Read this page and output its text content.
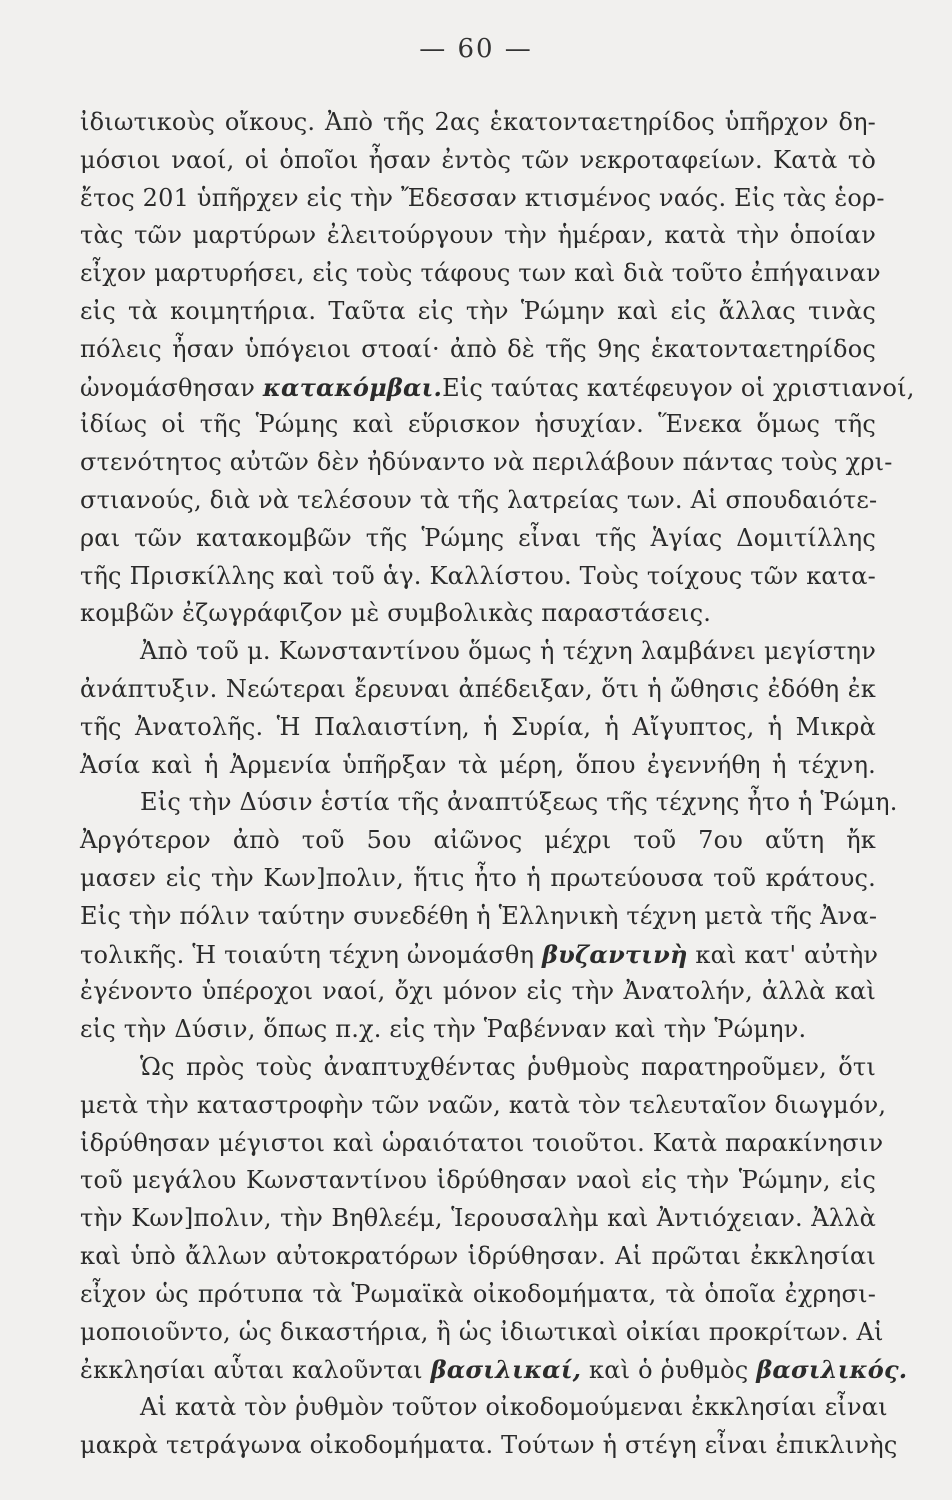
— 60 —
ἰδιωτικοὺς οἴκους. Ἀπὸ τῆς 2ας ἑκατονταετηρίδος ὑπῆρχον δη-
μόσιοι ναοί, οἱ ὁποῖοι ἦσαν ἐντὸς τῶν νεκροταφείων. Κατὰ τὸ
ἔτος 201 ὑπῆρχεν εἰς τὴν Ἔδεσσαν κτισμένος ναός. Εἰς τὰς ἑορ-
τὰς τῶν μαρτύρων ἐλειτούργουν τὴν ἡμέραν, κατὰ τὴν ὁποίαν
εἶχον μαρτυρήσει, εἰς τοὺς τάφους των καὶ διὰ τοῦτο ἐπήγαιναν
εἰς τὰ κοιμητήρια. Ταῦτα εἰς τὴν Ῥώμην καὶ εἰς ἄλλας τινὰς
πόλεις ἦσαν ὑπόγειοι στοαί· ἀπὸ δὲ τῆς 9ης ἑκατονταετηρίδος
ὠνομάσθησαν κατακόμβαι.Εἰς ταύτας κατέφευγον οἱ χριστιανοί,
ἰδίως οἱ τῆς Ῥώμης καὶ εὕρισκον ἡσυχίαν. Ἕνεκα ὅμως τῆς
στενότητος αὐτῶν δὲν ἠδύναντο νὰ περιλάβουν πάντας τοὺς χρι-
στιανούς, διὰ νὰ τελέσουν τὰ τῆς λατρείας των. Αἱ σπουδαιότε-
ραι τῶν κατακομβῶν τῆς Ῥώμης εἶναι τῆς Ἁγίας Δομιτίλλης
τῆς Πρισκίλλης καὶ τοῦ ἁγ. Καλλίστου. Τοὺς τοίχους τῶν κατα-
κομβῶν ἐζωγράφιζον μὲ συμβολικὰς παραστάσεις.
Ἀπὸ τοῦ μ. Κωνσταντίνου ὅμως ἡ τέχνη λαμβάνει μεγίστην
ἀνάπτυξιν. Νεώτεραι ἔρευναι ἀπέδειξαν, ὅτι ἡ ὤθησις ἐδόθη ἐκ
τῆς Ἀνατολῆς. Ἡ Παλαιστίνη, ἡ Συρία, ἡ Αἴγυπτος, ἡ Μικρὰ
Ἀσία καὶ ἡ Ἀρμενία ὑπῆρξαν τὰ μέρη, ὅπου ἐγεννήθη ἡ τέχνη.
Εἰς τὴν Δύσιν ἑστία τῆς ἀναπτύξεως τῆς τέχνης ἦτο ἡ Ῥώμη.
Ἀργότερον ἀπὸ τοῦ 5ου αἰῶνος μέχρι τοῦ 7ου αὕτη ἤκ
μασεν εἰς τὴν Κων]πολιν, ἥτις ἦτο ἡ πρωτεύουσα τοῦ κράτους.
Εἰς τὴν πόλιν ταύτην συνεδέθη ἡ Ἑλληνικὴ τέχνη μετὰ τῆς Ἀνα-
τολικῆς. Ἡ τοιαύτη τέχνη ὠνομάσθη βυζαντινὴ καὶ κατ' αὐτὴν
ἐγένοντο ὑπέροχοι ναοί, ὄχι μόνον εἰς τὴν Ἀνατολήν, ἀλλὰ καὶ
εἰς τὴν Δύσιν, ὅπως π.χ. εἰς τὴν Ῥαβένναν καὶ τὴν Ῥώμην.
Ὡς πρὸς τοὺς ἀναπτυχθέντας ῥυθμοὺς παρατηροῦμεν, ὅτι
μετὰ τὴν καταστροφὴν τῶν ναῶν, κατὰ τὸν τελευταῖον διωγμόν,
ἱδρύθησαν μέγιστοι καὶ ὡραιότατοι τοιοῦτοι. Κατὰ παρακίνησιν
τοῦ μεγάλου Κωνσταντίνου ἱδρύθησαν ναοὶ εἰς τὴν Ῥώμην, εἰς
τὴν Κων]πολιν, τὴν Βηθλεέμ, Ἱερουσαλὴμ καὶ Ἀντιόχειαν. Ἀλλὰ
καὶ ὑπὸ ἄλλων αὐτοκρατόρων ἱδρύθησαν. Αἱ πρῶται ἐκκλησίαι
εἶχον ὡς πρότυπα τὰ Ῥωμαϊκὰ οἰκοδομήματα, τὰ ὁποῖα ἐχρησι-
μοποιοῦντο, ὡς δικαστήρια, ἢ ὡς ἰδιωτικαὶ οἰκίαι προκρίτων. Αἱ
ἐκκλησίαι αὗται καλοῦνται βασιλικαί, καὶ ὁ ῥυθμὸς βασιλικός.
Αἱ κατὰ τὸν ῥυθμὸν τοῦτον οἰκοδομούμεναι ἐκκλησίαι εἶναι
μακρὰ τετράγωνα οἰκοδομήματα. Τούτων ἡ στέγη εἶναι ἐπικλινὴς
